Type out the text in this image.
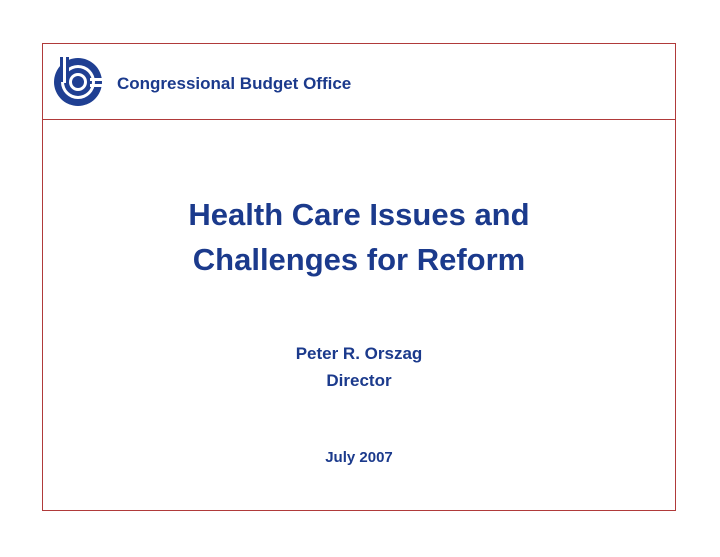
Congressional Budget Office
Health Care Issues and
Challenges for Reform
Peter R. Orszag
Director
July 2007
